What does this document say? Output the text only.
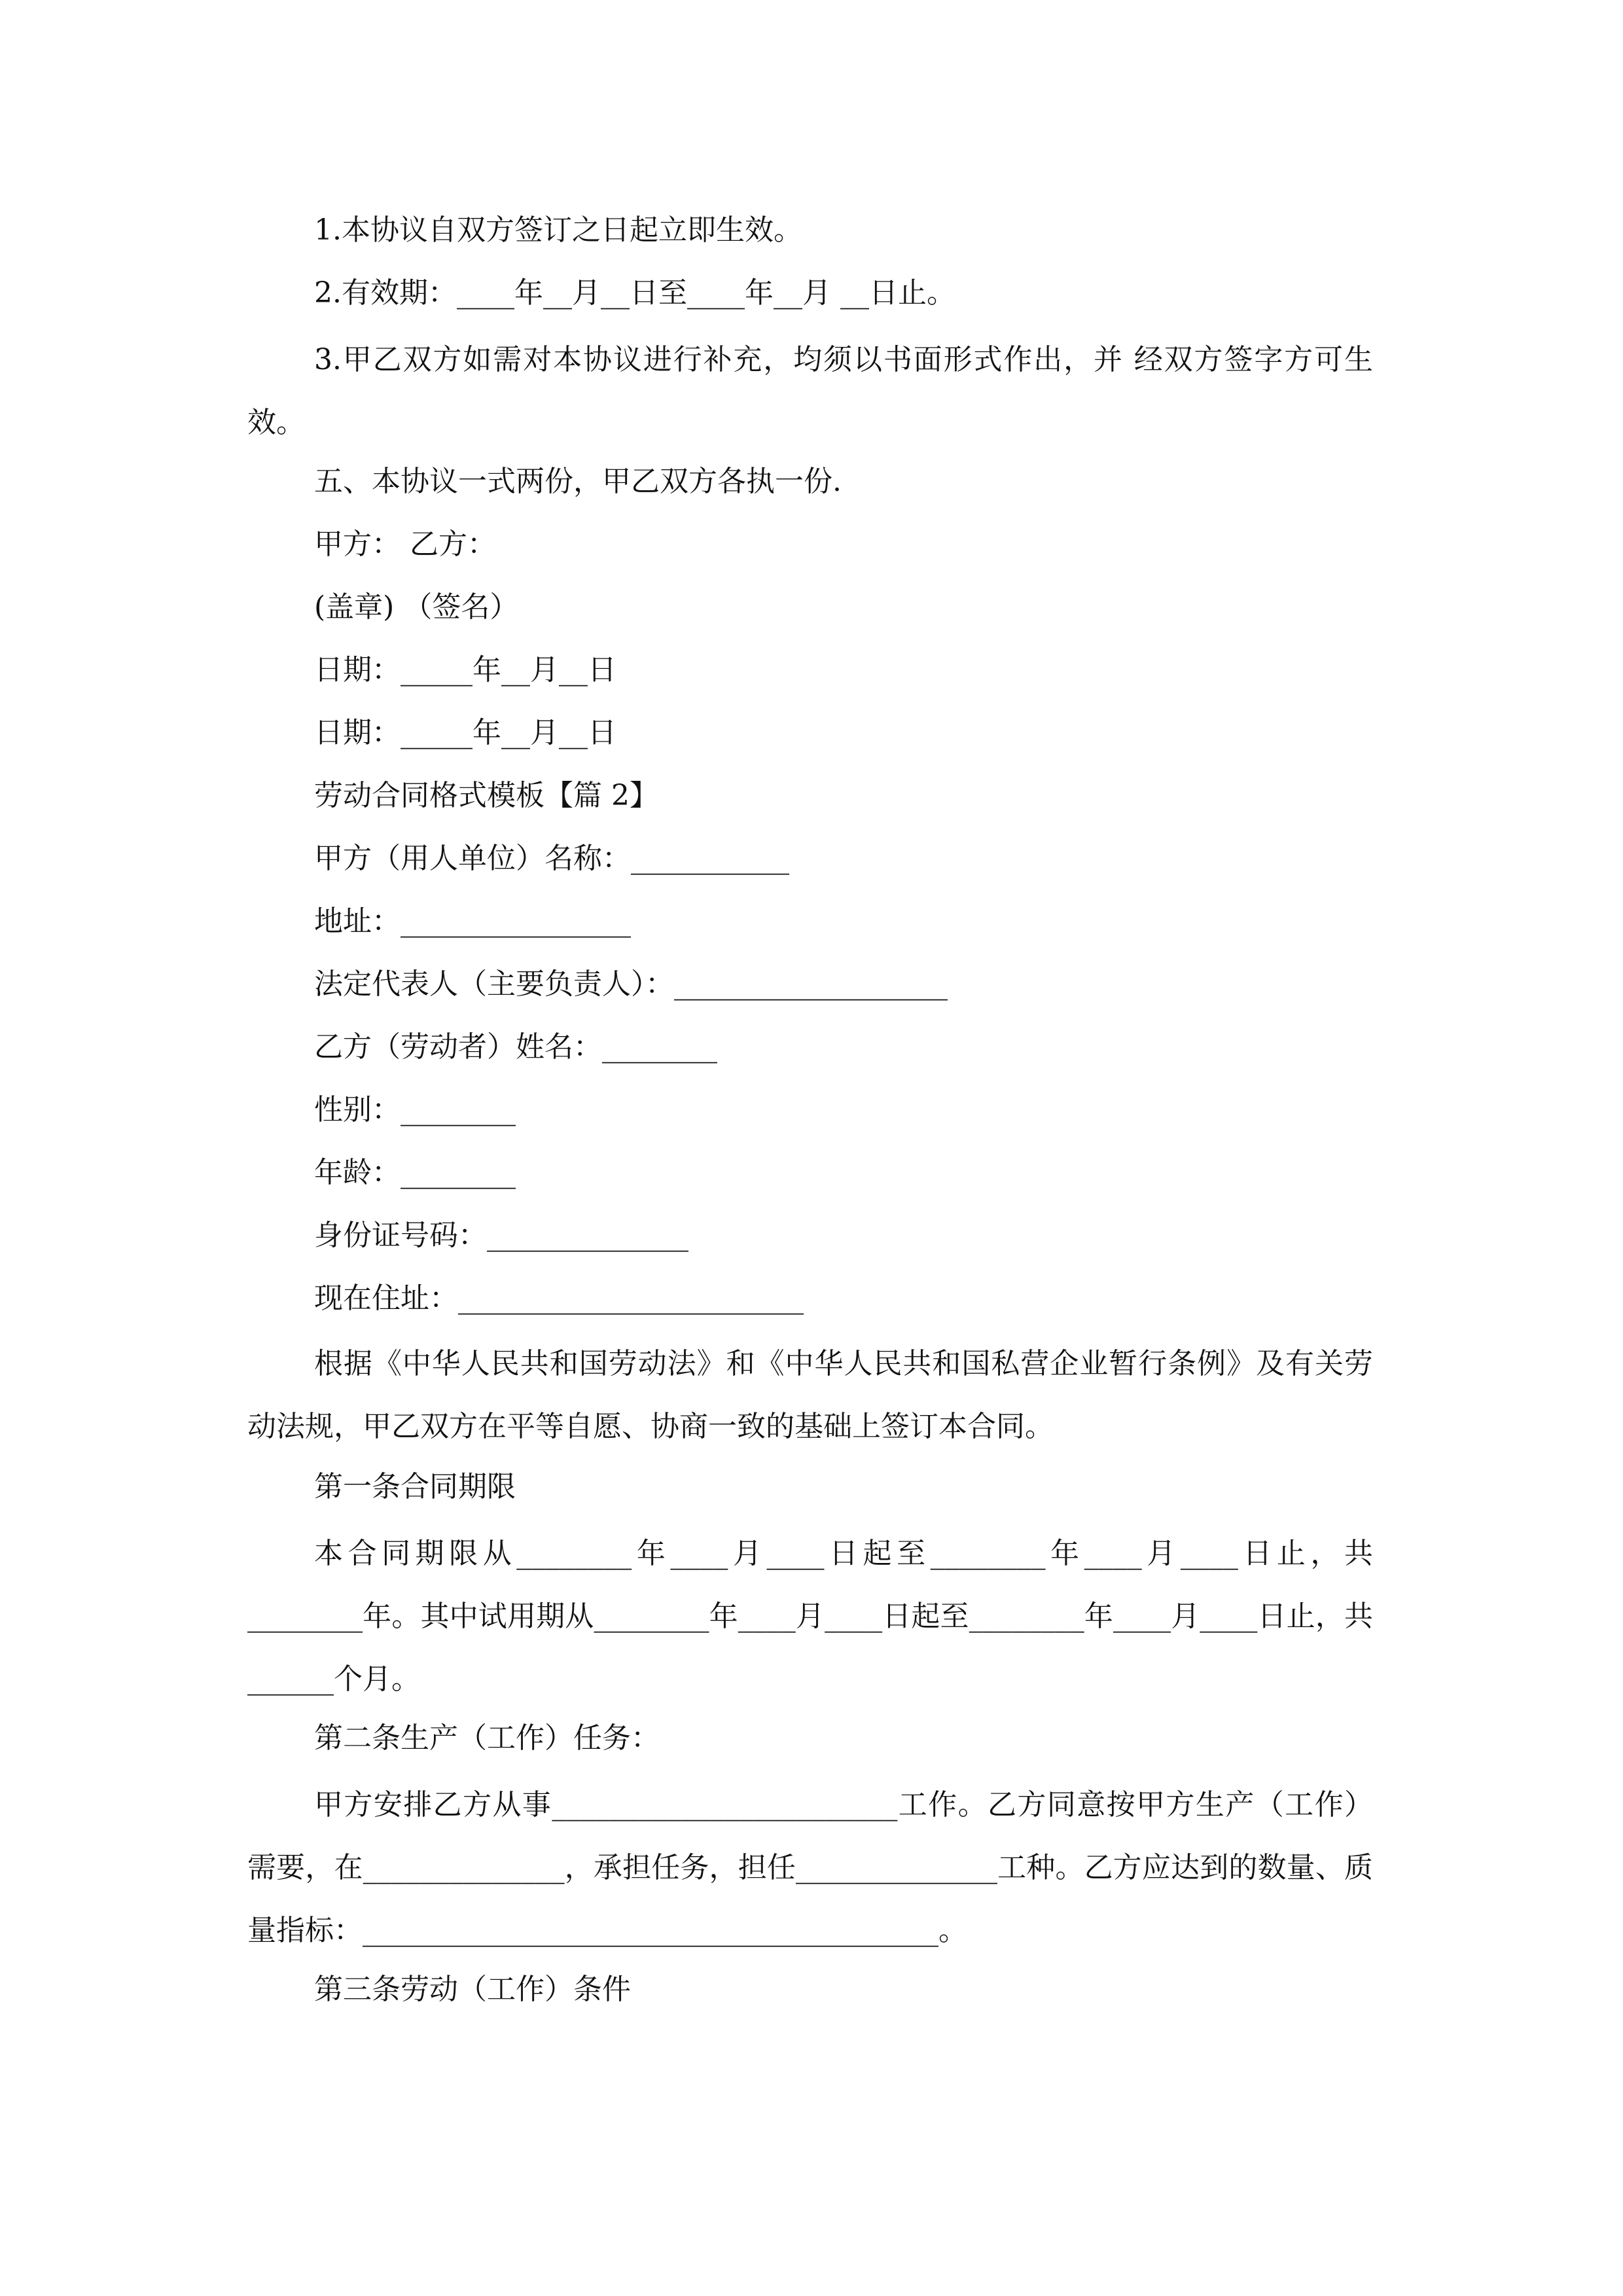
1.本协议自双方签订之日起立即生效。
2.有效期：____年__月__日至____年__月 __日止。
3.甲乙双方如需对本协议进行补充，均须以书面形式作出，并 经双方签字方可生效。
五、本协议一式两份，甲乙双方各执一份.
甲方： 乙方：
(盖章) （签名）
日期：_____年__月__日
日期：_____年__月__日
劳动合同格式模板【篇 2】
甲方（用人单位）名称：___________
地址：________________
法定代表人（主要负责人）：___________________
乙方（劳动者）姓名：________
性别：________
年龄：________
身份证号码：______________
现在住址：________________________
根据《中华人民共和国劳动法》和《中华人民共和国私营企业暂行条例》及有关劳动法规，甲乙双方在平等自愿、协商一致的基础上签订本合同。
第一条合同期限
本合同期限从________年____月____日起至________年____月____日止，共________年。其中试用期从________年____月____日起至________年____月____日止，共______个月。
第二条生产（工作）任务：
甲方安排乙方从事________________________工作。乙方同意按甲方生产（工作）需要，在______________，承担任务，担任______________工种。乙方应达到的数量、质量指标：________________________________________。
第三条劳动（工作）条件
